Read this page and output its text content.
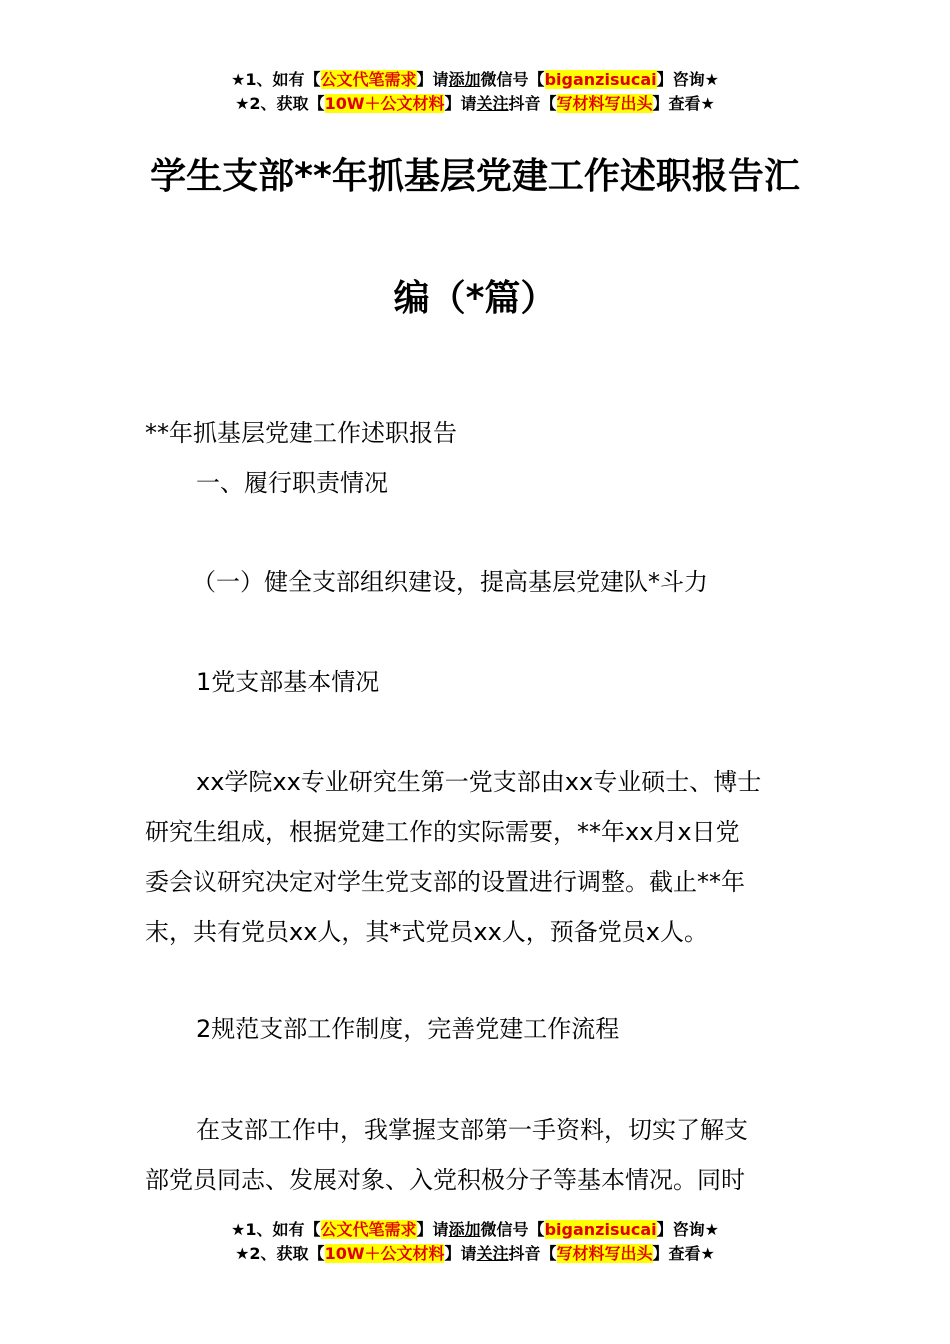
★1、如有【公文代笔需求】请添加微信号【biganzisucai】咨询★
★2、获取【10W＋公文材料】请关注抖音【写材料写出头】查看★
学生支部**年抓基层党建工作述职报告汇
编（*篇）
**年抓基层党建工作述职报告
一、履行职责情况
（一）健全支部组织建设，提高基层党建队*斗力
1党支部基本情况
xx学院xx专业研究生第一党支部由xx专业硕士、博士
研究生组成，根据党建工作的实际需要，**年xx月x日党
委会议研究决定对学生党支部的设置进行调整。截止**年
末，共有党员xx人，其*式党员xx人，预备党员x人。
2规范支部工作制度，完善党建工作流程
在支部工作中，我掌握支部第一手资料，切实了解支
部党员同志、发展对象、入党积极分子等基本情况。同时
★1、如有【公文代笔需求】请添加微信号【biganzisucai】咨询★
★2、获取【10W＋公文材料】请关注抖音【写材料写出头】查看★
